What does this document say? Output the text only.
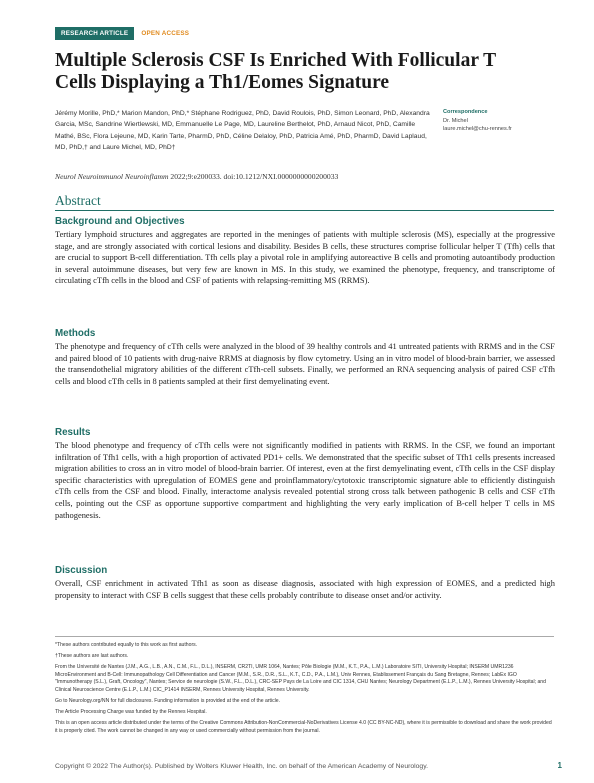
RESEARCH ARTICLE	OPEN ACCESS
Multiple Sclerosis CSF Is Enriched With Follicular T Cells Displaying a Th1/Eomes Signature
Jérémy Morille, PhD,* Marion Mandon, PhD,* Stéphane Rodriguez, PhD, David Roulois, PhD, Simon Leonard, PhD, Alexandra Garcia, MSc, Sandrine Wiertlewski, MD, Emmanuelle Le Page, MD, Laureline Berthelot, PhD, Arnaud Nicot, PhD, Camille Mathé, BSc, Flora Lejeune, MD, Karin Tarte, PharmD, PhD, Céline Delaloy, PhD, Patricia Amé, PhD, PharmD, David Laplaud, MD, PhD,† and Laure Michel, MD, PhD†
Correspondence
Dr. Michel
laure.michel@chu-rennes.fr
Neurol Neuroimmunol Neuroinflamm 2022;9:e200033. doi:10.1212/NXI.0000000000200033
Abstract
Background and Objectives

Tertiary lymphoid structures and aggregates are reported in the meninges of patients with multiple sclerosis (MS), especially at the progressive stage, and are strongly associated with cortical lesions and disability. Besides B cells, these structures comprise follicular helper T (Tfh) cells that are crucial to support B-cell differentiation. Tfh cells play a pivotal role in amplifying autoreactive B cells and promoting autoantibody production in several autoimmune diseases, but very few are known in MS. In this study, we examined the phenotype, frequency, and transcriptome of circulating cTfh cells in the blood and CSF of patients with relapsing-remitting MS (RRMS).

Methods

The phenotype and frequency of cTfh cells were analyzed in the blood of 39 healthy controls and 41 untreated patients with RRMS and in the CSF and paired blood of 10 patients with drug-naive RRMS at diagnosis by flow cytometry. Using an in vitro model of blood-brain barrier, we assessed the transendothelial migratory abilities of the different cTfh-cell subsets. Finally, we performed an RNA sequencing analysis of paired CSF cTfh cells and blood cTfh cells in 8 patients sampled at their first demyelinating event.

Results

The blood phenotype and frequency of cTfh cells were not significantly modified in patients with RRMS. In the CSF, we found an important infiltration of Tfh1 cells, with a high proportion of activated PD1+ cells. We demonstrated that the specific subset of Tfh1 cells presents increased migration abilities to cross an in vitro model of blood-brain barrier. Of interest, even at the first demyelinating event, cTfh cells in the CSF display specific characteristics with upregulation of EOMES gene and proinflammatory/cytotoxic transcriptomic signature able to efficiently distinguish cTfh cells from the CSF and blood. Finally, interactome analysis revealed potential strong cross talk between pathogenic B cells and CSF cTfh cells, pointing out the CSF as opportune supportive compartment and highlighting the very early implication of B-cell helper T cells in MS pathogenesis.

Discussion

Overall, CSF enrichment in activated Tfh1 as soon as disease diagnosis, associated with high expression of EOMES, and a predicted high propensity to interact with CSF B cells suggest that these cells probably contribute to disease onset and/or activity.

*These authors contributed equally to this work as first authors.

†These authors are last authors.

From the Université de Nantes (J.M., A.G., L.B., A.N., C.M., F.L., D.L.), INSERM, CR2TI, UMR 1064, Nantes; Pôle Biologie (M.M., K.T., P.A., L.M.) Laboratoire SITI, University Hospital; INSERM UMR1236 MicroEnvironment and B-Cell: Immunopathology Cell Differentiation and Cancer (M.M., S.R., D.R., S.L., K.T., C.D., P.A., L.M.), Univ Rennes, Etablissement Français du Sang Bretagne, Rennes; LabEx IGO "Immunotherapy (S.L.), Graft, Oncology", Nantes; Service de neurologie (S.W., F.L., D.L.), CRC-SEP Pays de La Loire and CIC 1314, CHU Nantes; Neurology Department (E.L.P., L.M.), Rennes University Hospital; and Clinical Neuroscience Centre (E.L.P., L.M.) CIC_P1414 INSERM, Rennes University Hospital, Rennes University.

Go to Neurology.org/NN for full disclosures. Funding information is provided at the end of the article.

The Article Processing Charge was funded by the Rennes Hospital.

This is an open access article distributed under the terms of the Creative Commons Attribution-NonCommercial-NoDerivatives License 4.0 (CC BY-NC-ND), where it is permissible to download and share the work provided it is properly cited. The work cannot be changed in any way or used commercially without permission from the journal.

Copyright © 2022 The Author(s). Published by Wolters Kluwer Health, Inc. on behalf of the American Academy of Neurology.	1
